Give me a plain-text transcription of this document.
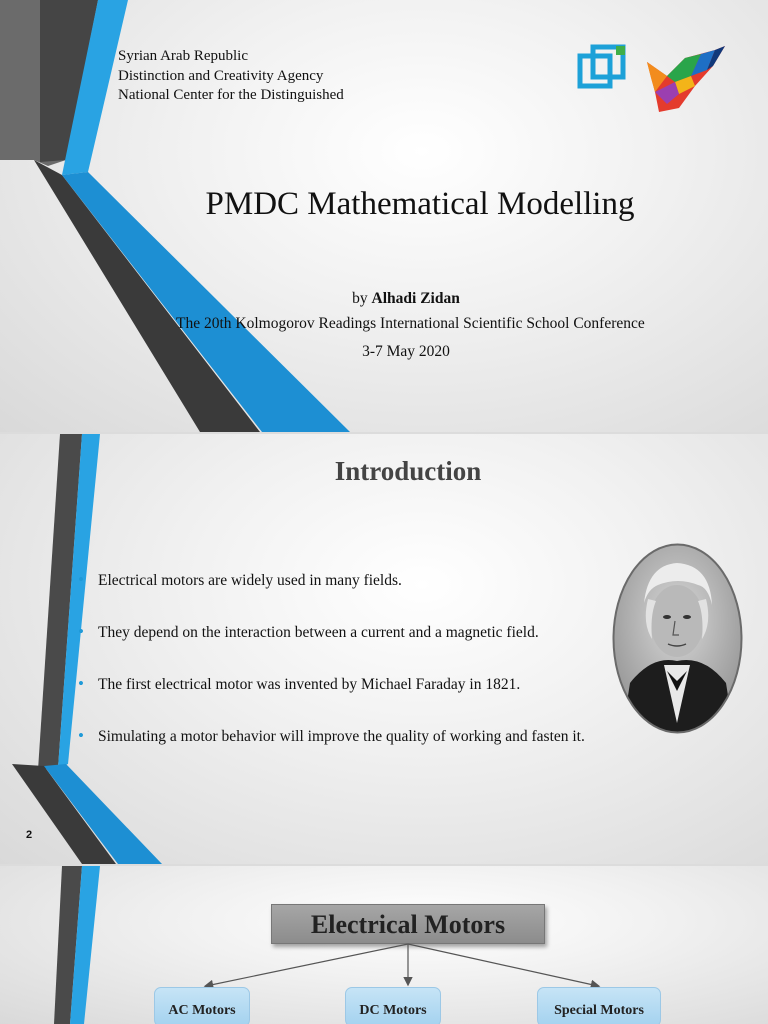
Syrian Arab Republic
Distinction and Creativity Agency
National Center for the Distinguished
PMDC Mathematical Modelling
by Alhadi Zidan
The 20th Kolmogorov Readings International Scientific School Conference
3-7 May 2020
Introduction
• Electrical motors are widely used in many fields.
• They depend on the interaction between a current and a magnetic field.
• The first electrical motor was invented by Michael Faraday in 1821.
• Simulating a motor behavior will improve the quality of working and fasten it.
2
Electrical Motors
AC Motors	DC Motors	Special Motors
